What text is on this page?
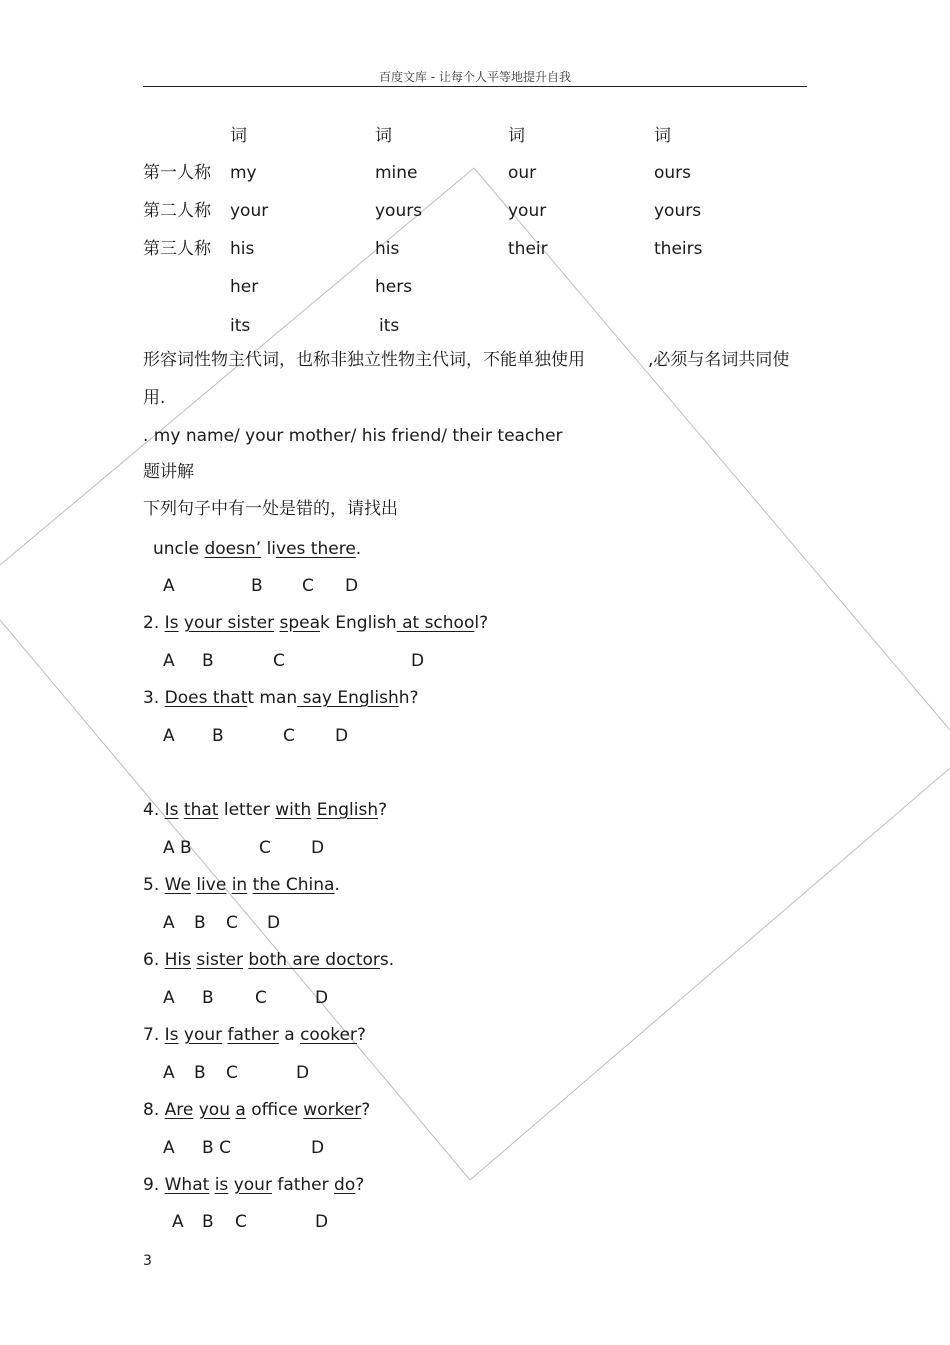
百度文库 - 让每个人平等地提升自我
词	词	词	词
第一人称 my	mine	our	ours
第二人称 your	yours	your	yours
第三人称 his	his	their	theirs
her	hers
its	its
形容词性物主代词，也称非独立性物主代词，不能单独使用	,必须与名词共同使
用.
. my name/ your mother/ his friend/ their teacher
题讲解
下列句子中有一处是错的，请找出
uncle doesn’ lives there.
A	B C D
2. Is your sister speak English at school?
A B	C	D
3. Does thatt man say Englishh?
A B	C D
4. Is that letter with English?
A B	C D
5. We live in the China.
A B C D
6. His sister both are doctors.
A B C	D
7. Is your father a cooker?
A B C	D
8. Are you a office worker?
A B C	D
9. What is your father do?
A B C	D
3
